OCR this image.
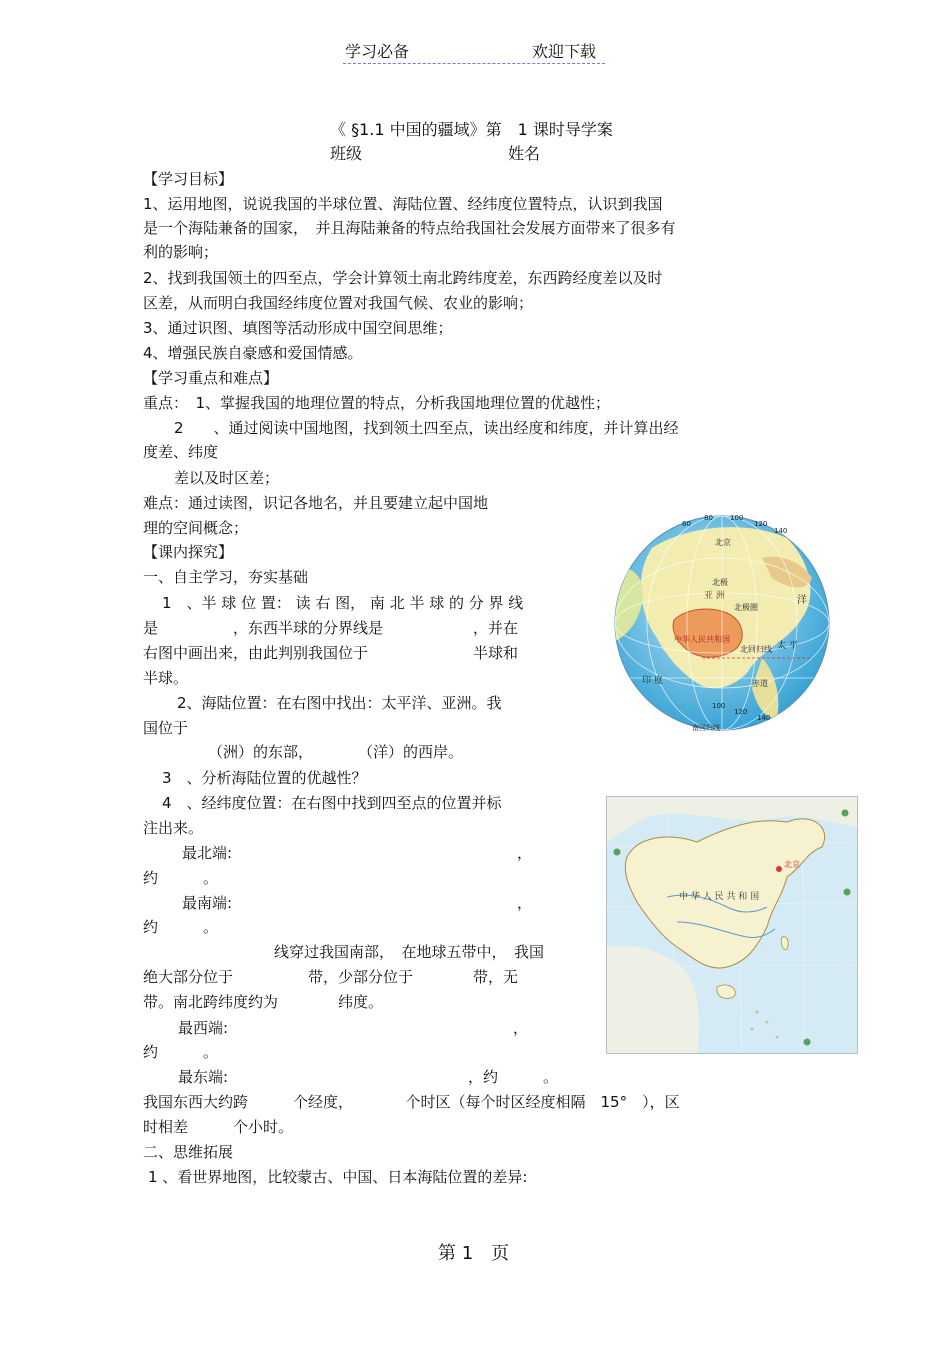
学习必备	欢迎下载
《 §1.1 中国的疆域》第　1 课时导学案
班级	姓名
【学习目标】
1、运用地图，说说我国的半球位置、海陆位置、经纬度位置特点，认识到我国
是一个海陆兼备的国家，　并且海陆兼备的特点给我国社会发展方面带来了很多有
利的影响；
2、找到我国领土的四至点，学会计算领土南北跨纬度差，东西跨经度差以及时
区差，从而明白我国经纬度位置对我国气候、农业的影响；
3、通过识图、填图等活动形成中国空间思维；
4、增强民族自豪感和爱国情感。
【学习重点和难点】
重点：　1、掌握我国的地理位置的特点，分析我国地理位置的优越性；
2　　、通过阅读中国地图，找到领土四至点，读出经度和纬度，并计算出经
度差、纬度
差以及时区差；
难点：通过读图，识记各地名，并且要建立起中国地
理的空间概念；
【课内探究】
一、自主学习，夯实基础
1　、半 球 位 置： 读 右 图， 南 北 半 球 的 分 界 线
是　　　　　，东西半球的分界线是　　　　　　，并在
右图中画出来，由此判别我国位于　　　　　　　半球和
半球。
2、海陆位置：在右图中找出：太平洋、亚洲。我
国位于
（洲）的东部，　　　　（洋）的西岸。
3　、分析海陆位置的优越性？
4　、经纬度位置：在右图中找到四至点的位置并标
注出来。
最北端:　　　　　　　　　　　　　　　　　　　，
约　　　。
最南端:　　　　　　　　　　　　　　　　　　　，
约　　　。
线穿过我国南部，　在地球五带中，　我国
绝大部分位于　　　　　带，少部分位于　　　　带，无
带。南北跨纬度约为　　　　纬度。
最西端:　　　　　　　　　　　　　　　　　　　，
约　　　。
最东端:　　　　　　　　　　　　　　　　，约　　　。
我国东西大约跨　　　个经度，　　　　个时区（每个时区经度相隔　15°　），区
时相差　　　个小时。
二、思维拓展
1 、看世界地图，比较蒙古、中国、日本海陆位置的差异:
北京
北极
北极圈
亚 洲
中华人民共和国
北回归线
洋
印 度	赤道
南回归线
太 平
60
80 100
120
140
100
120
140
北京
中 华 人 民 共 和 国
第 1　页
